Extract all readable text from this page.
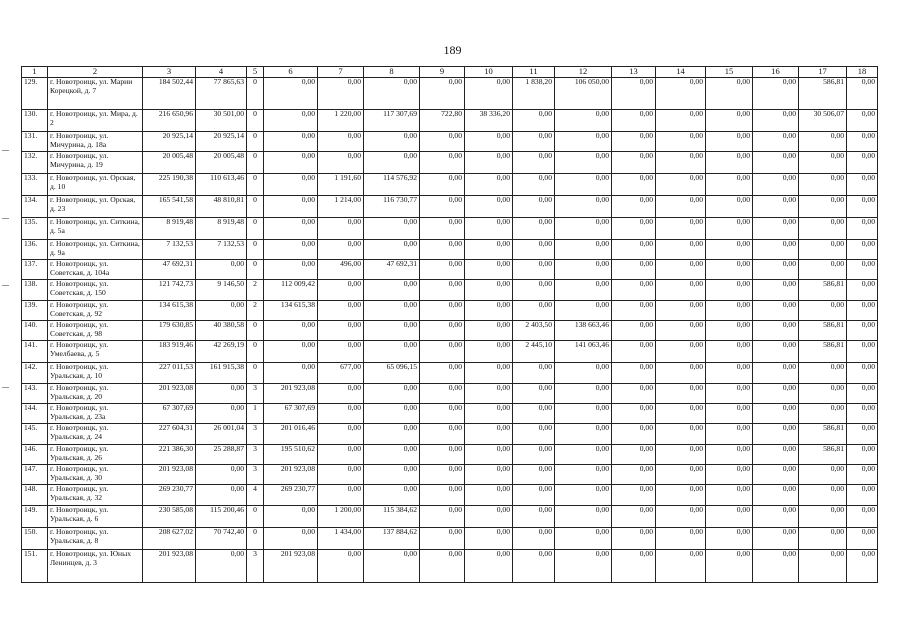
189
1	2	3	4	5	6	7	8	9	10	11	12	13	14	15	16	17	18
129.	г. Новотроицк, ул. Марии Корецкой, д. 7	184 502,44	77 865,63	0	0,00	0,00	0,00	0,00	0,00	1 838,20	106 050,00	0,00	0,00	0,00	0,00	586,81	0,00
130.	г. Новотроицк, ул. Мира, д. 2	216 650,96	30 501,00	0	0,00	1 220,00	117 307,69	722,80	38 336,20	0,00	0,00	0,00	0,00	0,00	0,00	30 506,07	0,00
131.	г. Новотроицк, ул. Мичурина, д. 18а	20 925,14	20 925,14	0	0,00	0,00	0,00	0,00	0,00	0,00	0,00	0,00	0,00	0,00	0,00	0,00	0,00
132.	г. Новотроицк, ул. Мичурина, д. 19	20 005,48	20 005,48	0	0,00	0,00	0,00	0,00	0,00	0,00	0,00	0,00	0,00	0,00	0,00	0,00	0,00
133.	г. Новотроицк, ул. Орская, д. 10	225 190,38	110 613,46	0	0,00	1 191,60	114 576,92	0,00	0,00	0,00	0,00	0,00	0,00	0,00	0,00	0,00	0,00
134.	г. Новотроицк, ул. Орская, д. 23	165 541,58	48 810,81	0	0,00	1 214,00	116 730,77	0,00	0,00	0,00	0,00	0,00	0,00	0,00	0,00	0,00	0,00
135.	г. Новотроицк, ул. Ситкина, д. 5а	8 919,48	8 919,48	0	0,00	0,00	0,00	0,00	0,00	0,00	0,00	0,00	0,00	0,00	0,00	0,00	0,00
136.	г. Новотроицк, ул. Ситкина, д. 9а	7 132,53	7 132,53	0	0,00	0,00	0,00	0,00	0,00	0,00	0,00	0,00	0,00	0,00	0,00	0,00	0,00
137.	г. Новотроицк, ул. Советская, д. 104а	47 692,31	0,00	0	0,00	496,00	47 692,31	0,00	0,00	0,00	0,00	0,00	0,00	0,00	0,00	0,00	0,00
138.	г. Новотроицк, ул. Советская, д. 150	121 742,73	9 146,50	2	112 009,42	0,00	0,00	0,00	0,00	0,00	0,00	0,00	0,00	0,00	0,00	586,81	0,00
139.	г. Новотроицк, ул. Советская, д. 92	134 615,38	0,00	2	134 615,38	0,00	0,00	0,00	0,00	0,00	0,00	0,00	0,00	0,00	0,00	0,00	0,00
140.	г. Новотроицк, ул. Советская, д. 98	179 630,85	40 380,58	0	0,00	0,00	0,00	0,00	0,00	2 403,50	138 663,46	0,00	0,00	0,00	0,00	586,81	0,00
141.	г. Новотроицк, ул. Умелбаева, д. 5	183 919,46	42 269,19	0	0,00	0,00	0,00	0,00	0,00	2 445,10	141 063,46	0,00	0,00	0,00	0,00	586,81	0,00
142.	г. Новотроицк, ул. Уральская, д. 10	227 011,53	161 915,38	0	0,00	677,00	65 096,15	0,00	0,00	0,00	0,00	0,00	0,00	0,00	0,00	0,00	0,00
143.	г. Новотроицк, ул. Уральская, д. 20	201 923,08	0,00	3	201 923,08	0,00	0,00	0,00	0,00	0,00	0,00	0,00	0,00	0,00	0,00	0,00	0,00
144.	г. Новотроицк, ул. Уральская, д. 23а	67 307,69	0,00	1	67 307,69	0,00	0,00	0,00	0,00	0,00	0,00	0,00	0,00	0,00	0,00	0,00	0,00
145.	г. Новотроицк, ул. Уральская, д. 24	227 604,31	26 001,04	3	201 016,46	0,00	0,00	0,00	0,00	0,00	0,00	0,00	0,00	0,00	0,00	586,81	0,00
146.	г. Новотроицк, ул. Уральская, д. 26	221 386,30	25 288,87	3	195 510,62	0,00	0,00	0,00	0,00	0,00	0,00	0,00	0,00	0,00	0,00	586,81	0,00
147.	г. Новотроицк, ул. Уральская, д. 30	201 923,08	0,00	3	201 923,08	0,00	0,00	0,00	0,00	0,00	0,00	0,00	0,00	0,00	0,00	0,00	0,00
148.	г. Новотроицк, ул. Уральская, д. 32	269 230,77	0,00	4	269 230,77	0,00	0,00	0,00	0,00	0,00	0,00	0,00	0,00	0,00	0,00	0,00	0,00
149.	г. Новотроицк, ул. Уральская, д. 6	230 585,08	115 200,46	0	0,00	1 200,00	115 384,62	0,00	0,00	0,00	0,00	0,00	0,00	0,00	0,00	0,00	0,00
150.	г. Новотроицк, ул. Уральская, д. 8	208 627,02	70 742,40	0	0,00	1 434,00	137 884,62	0,00	0,00	0,00	0,00	0,00	0,00	0,00	0,00	0,00	0,00
151.	г. Новотроицк, ул. Юных Ленинцев, д. 3	201 923,08	0,00	3	201 923,08	0,00	0,00	0,00	0,00	0,00	0,00	0,00	0,00	0,00	0,00	0,00	0,00
